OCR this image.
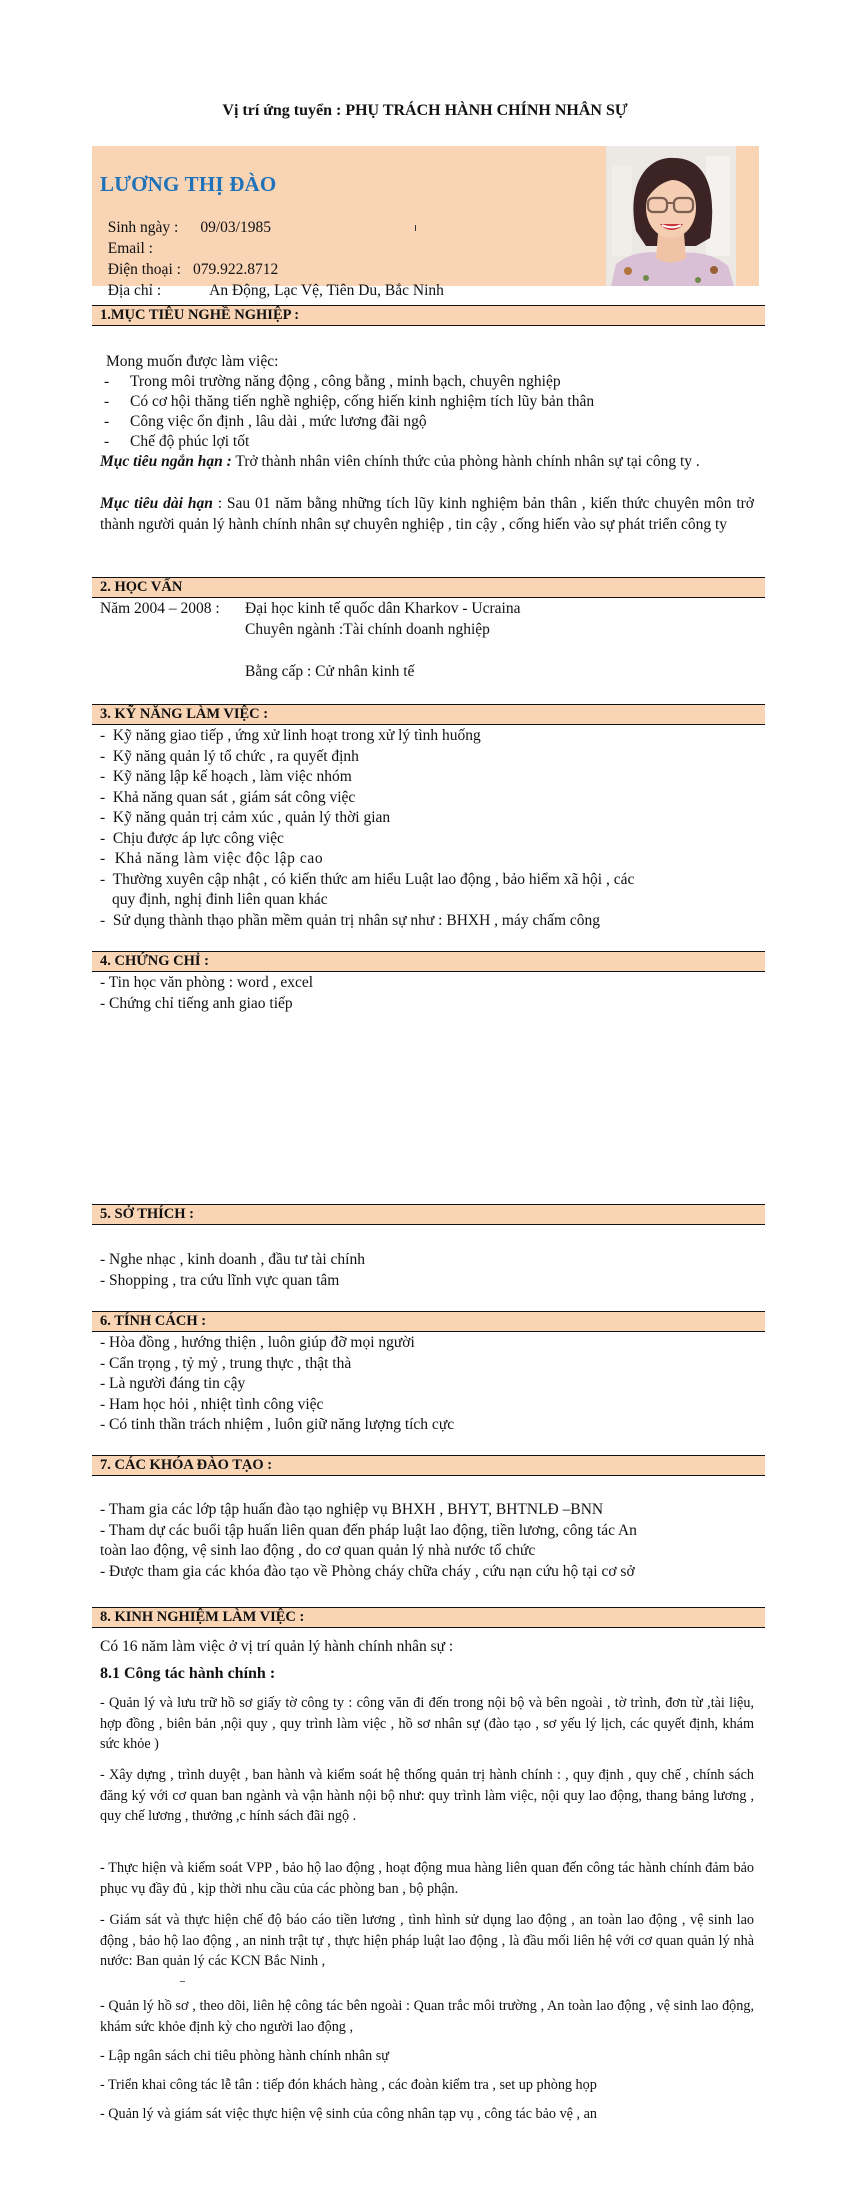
Vị trí ứng tuyển : PHỤ TRÁCH HÀNH CHÍNH NHÂN SỰ
LƯƠNG THỊ ĐÀO

Sinh ngày : 09/03/1985

Email :

Điện thoại : 079.922.8712

Địa chỉ :	An Động, Lạc Vệ, Tiên Du, Bắc Ninh

1.MỤC TIÊU NGHỀ NGHIỆP :
Mong muốn được làm việc:
- Trong môi trường năng động , công bằng , minh bạch, chuyên nghiệp
- Có cơ hội thăng tiến nghề nghiệp, cống hiến kinh nghiệm tích lũy bản thân
- Công việc ổn định , lâu dài , mức lương đãi ngộ
- Chế độ phúc lợi tốt
Mục tiêu ngắn hạn : Trở thành nhân viên chính thức của phòng hành chính nhân sự tại công ty .
Mục tiêu dài hạn : Sau 01 năm bằng những tích lũy kinh nghiệm bản thân , kiến thức chuyên môn trở thành người quản lý hành chính nhân sự chuyên nghiệp , tin cậy , cống hiến vào sự phát triển công ty
2. HỌC VẤN
Năm 2004 – 2008 : Đại học kinh tế quốc dân Kharkov - Ucraina
Chuyên ngành :Tài chính doanh nghiệp
Bằng cấp : Cử nhân kinh tế
3. KỸ NĂNG LÀM VIỆC :
-  Kỹ năng giao tiếp , ứng xử linh hoạt trong xử lý tình huống
-  Kỹ năng quản lý tổ chức , ra quyết định
-  Kỹ năng lập kế hoạch , làm việc nhóm
-  Khả năng quan sát , giám sát công việc
-  Kỹ năng quản trị cảm xúc , quản lý thời gian
-  Chịu được áp lực công việc
-  Khả năng làm việc độc lập cao
-  Thường xuyên cập nhật , có kiến thức am hiểu Luật lao động , bảo hiểm xã hội , các
quy định, nghị đinh liên quan khác
-  Sử dụng thành thạo phần mềm quản trị nhân sự như : BHXH , máy chấm công
4. CHỨNG CHỈ :
- Tin học văn phòng : word , excel
- Chứng chỉ tiếng anh giao tiếp
5. SỞ THÍCH :
- Nghe nhạc , kinh doanh , đầu tư tài chính
- Shopping , tra cứu lĩnh vực quan tâm
6. TÍNH CÁCH :
- Hòa đồng , hướng thiện , luôn giúp đỡ mọi người
- Cẩn trọng , tỷ mỷ , trung thực , thật thà
- Là người đáng tin cậy
- Ham học hỏi , nhiệt tình công việc
- Có tinh thần trách nhiệm , luôn giữ năng lượng tích cực
7. CÁC KHÓA ĐÀO TẠO :
- Tham gia các lớp tập huấn đào tạo nghiệp vụ BHXH , BHYT, BHTNLĐ –BNN
- Tham dự các buổi tập huấn liên quan đến pháp luật lao động, tiền lương, công tác An
toàn lao động, vệ sinh lao động , do cơ quan quản lý nhà nước tổ chức
- Được tham gia các khóa đào tạo về Phòng cháy chữa cháy , cứu nạn cứu hộ tại cơ sở
8. KINH NGHIỆM LÀM VIỆC :
Có 16 năm làm việc ở vị trí quản lý hành chính nhân sự :
8.1 Công tác hành chính :
- Quản lý và lưu trữ hồ sơ giấy tờ công ty : công văn đi đến trong nội bộ và bên ngoài , tờ trình, đơn từ ,tài liệu, hợp đồng , biên bản ,nội quy , quy trình làm việc , hồ sơ nhân sự (đào tạo , sơ yếu lý lịch, các quyết định, khám sức khỏe )
- Xây dựng , trình duyệt , ban hành và kiểm soát hệ thống quản trị hành chính : , quy định , quy chế , chính sách đăng ký với cơ quan ban ngành và vận hành nội bộ như: quy trình làm việc, nội quy lao động, thang bảng lương , quy chế lương , thưởng ,c hính sách đãi ngộ .
- Thực hiện và kiểm soát VPP , bảo hộ lao động , hoạt động mua hàng liên quan đến công tác hành chính đảm bảo phục vụ đầy đủ , kịp thời nhu cầu của các phòng ban , bộ phận.
- Giám sát và thực hiện chế độ báo cáo tiền lương , tình hình sử dụng lao động , an toàn lao động , vệ sinh lao động , bảo hộ lao động , an ninh trật tự , thực hiện pháp luật lao động , là đầu mối liên hệ với cơ quan quản lý nhà nước: Ban quản lý các KCN Bắc Ninh ,
- Quản lý hồ sơ , theo dõi, liên hệ công tác bên ngoài : Quan trắc môi trường , An toàn lao động , vệ sinh lao động, khám sức khỏe định kỳ cho người lao động ,
- Lập ngân sách chi tiêu phòng hành chính nhân sự
- Triển khai công tác lễ tân : tiếp đón khách hàng , các đoàn kiểm tra , set up phòng họp
- Quản lý và giám sát việc thực hiện vệ sinh của công nhân tạp vụ , công tác bảo vệ , an
